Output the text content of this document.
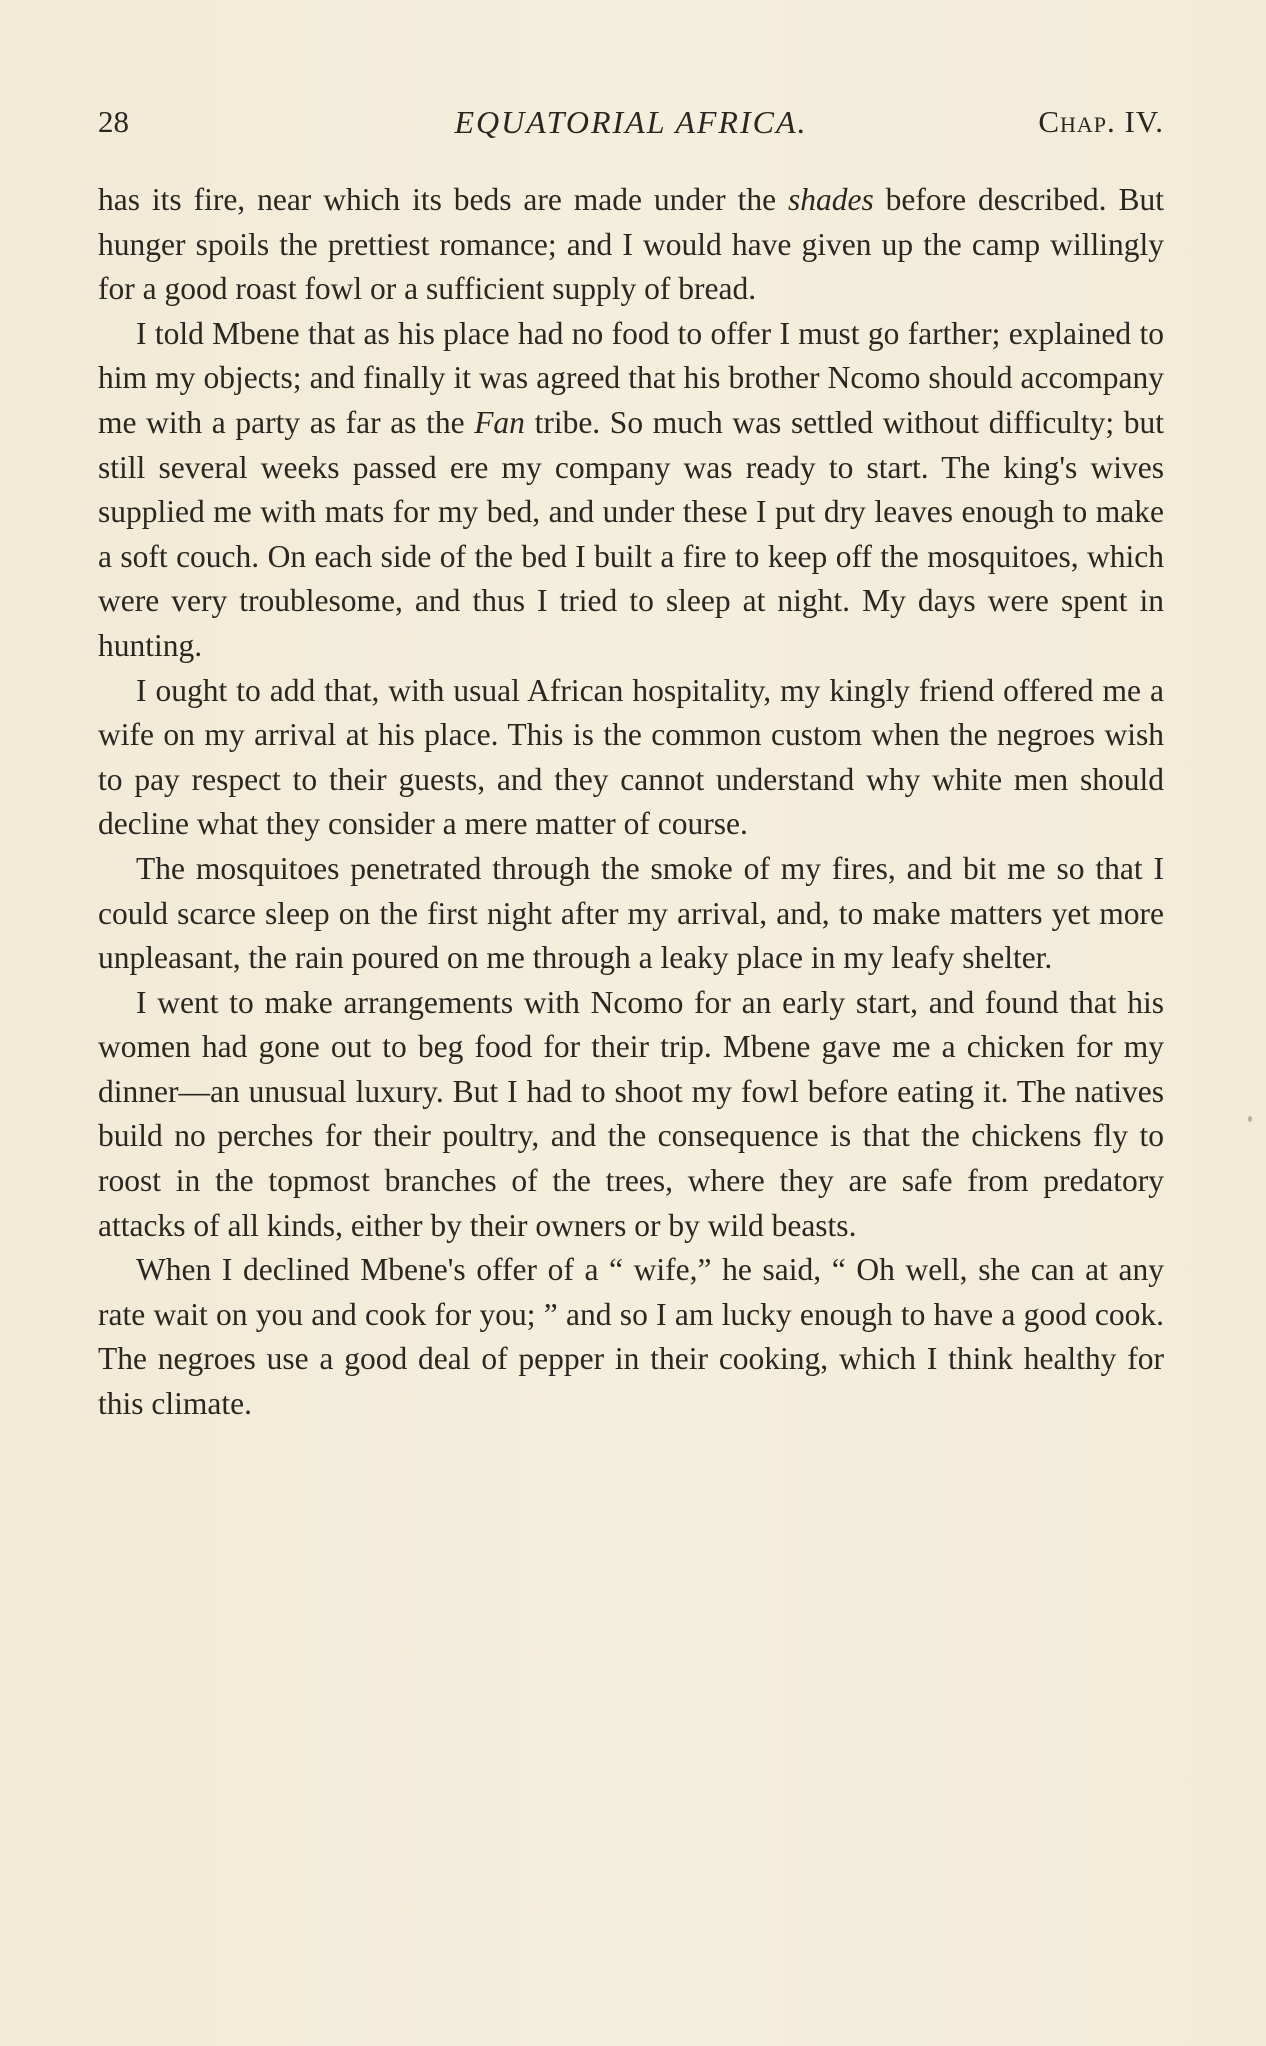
28	EQUATORIAL AFRICA.	Chap. IV.

has its fire, near which its beds are made under the shades before described. But hunger spoils the prettiest romance; and I would have given up the camp willingly for a good roast fowl or a sufficient supply of bread.

I told Mbene that as his place had no food to offer I must go farther; explained to him my objects; and finally it was agreed that his brother Ncomo should accompany me with a party as far as the Fan tribe. So much was settled without difficulty; but still several weeks passed ere my company was ready to start. The king's wives supplied me with mats for my bed, and under these I put dry leaves enough to make a soft couch. On each side of the bed I built a fire to keep off the mosquitoes, which were very troublesome, and thus I tried to sleep at night. My days were spent in hunting.

I ought to add that, with usual African hospitality, my kingly friend offered me a wife on my arrival at his place. This is the common custom when the negroes wish to pay respect to their guests, and they cannot understand why white men should decline what they consider a mere matter of course.

The mosquitoes penetrated through the smoke of my fires, and bit me so that I could scarce sleep on the first night after my arrival, and, to make matters yet more unpleasant, the rain poured on me through a leaky place in my leafy shelter.

I went to make arrangements with Ncomo for an early start, and found that his women had gone out to beg food for their trip. Mbene gave me a chicken for my dinner—an unusual luxury. But I had to shoot my fowl before eating it. The natives build no perches for their poultry, and the consequence is that the chickens fly to roost in the topmost branches of the trees, where they are safe from predatory attacks of all kinds, either by their owners or by wild beasts.

When I declined Mbene's offer of a “ wife,” he said, “ Oh well, she can at any rate wait on you and cook for you; ” and so I am lucky enough to have a good cook. The negroes use a good deal of pepper in their cooking, which I think healthy for this climate.
